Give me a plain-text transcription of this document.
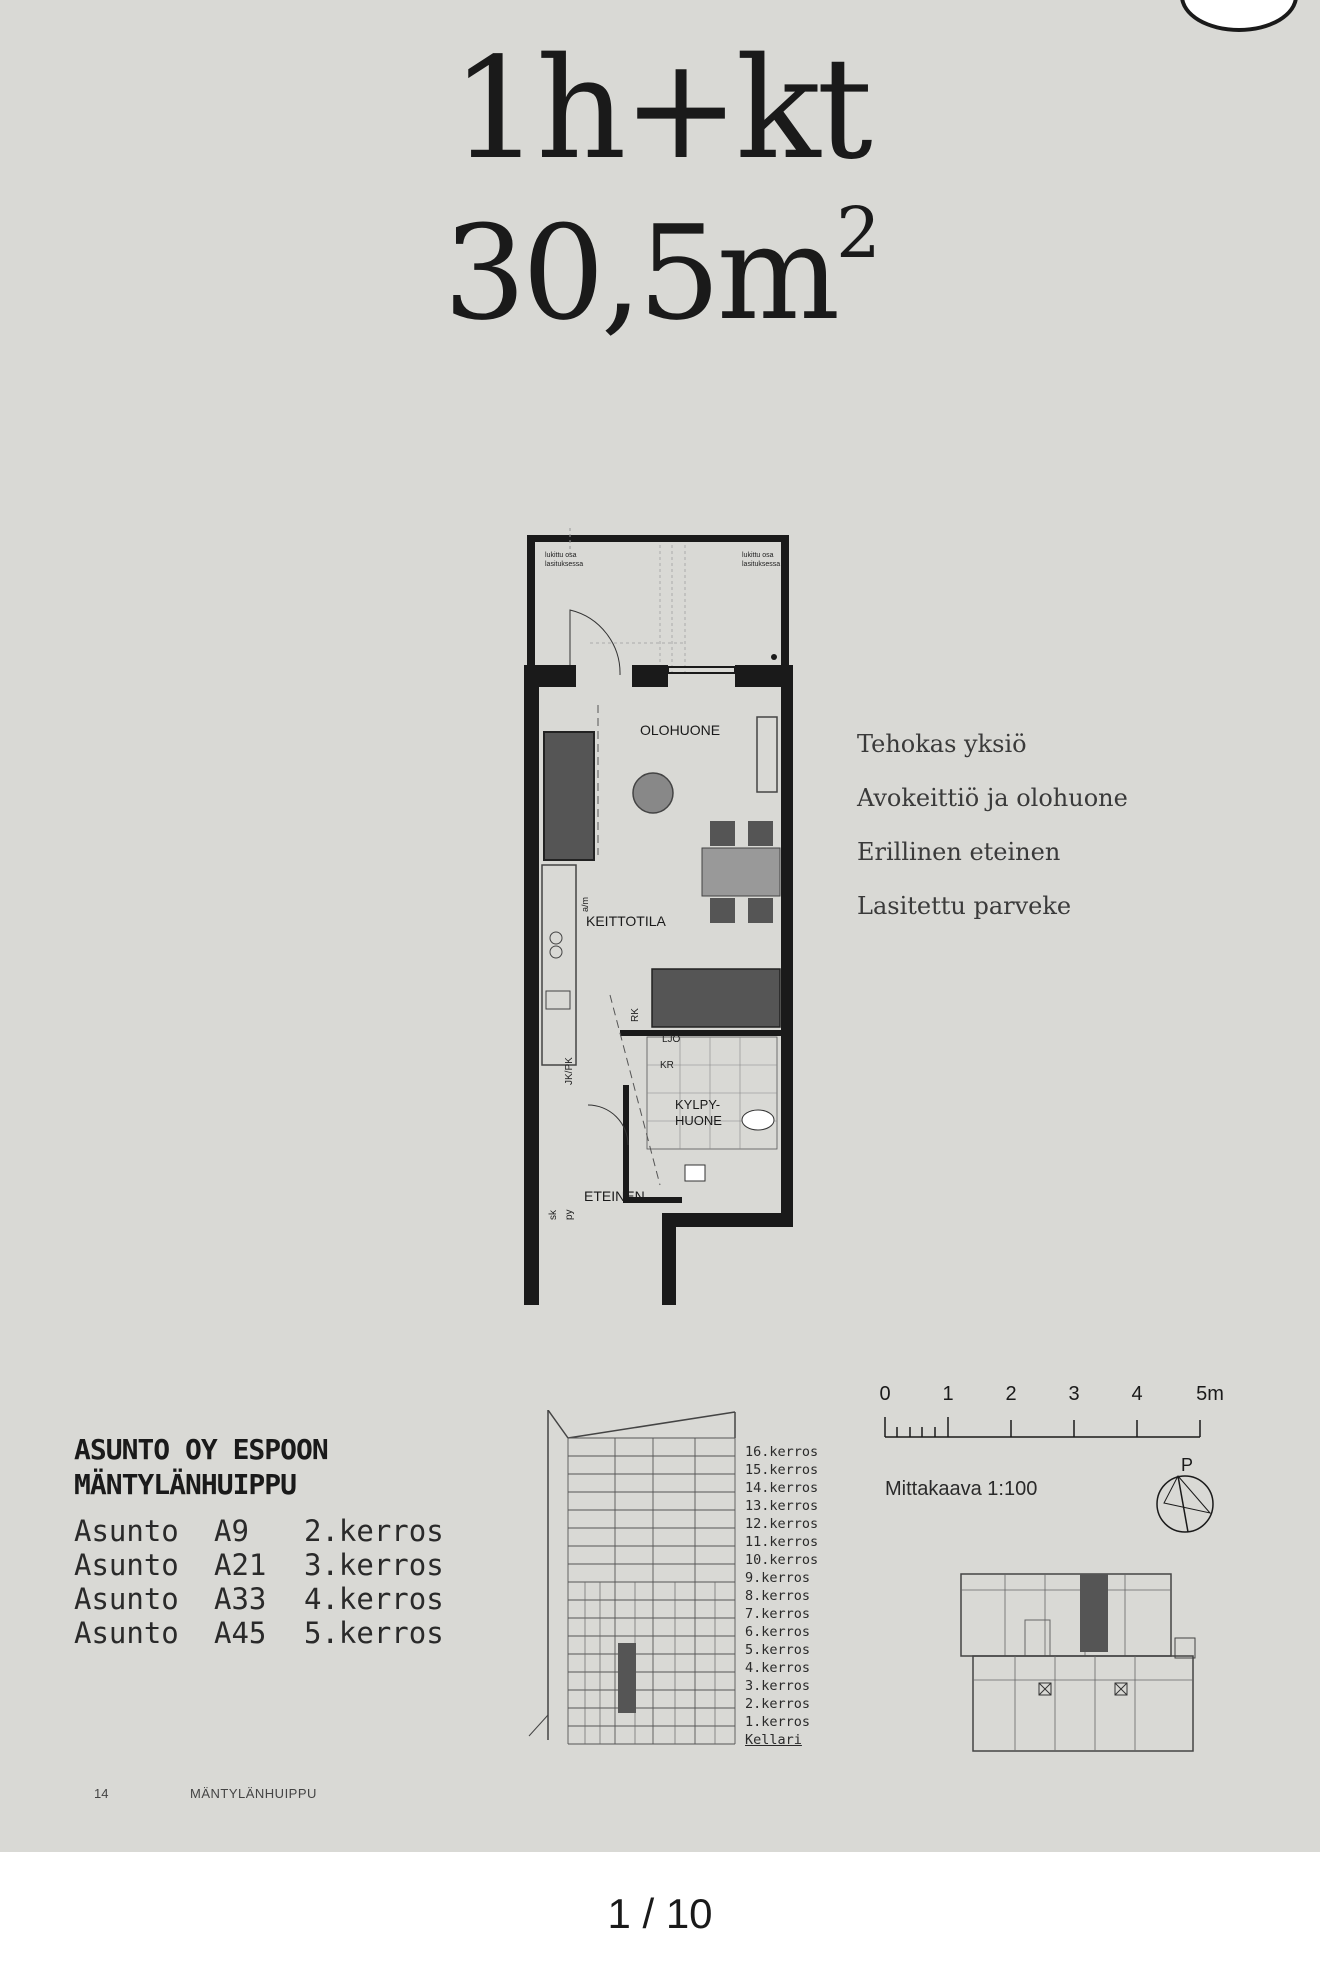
1h+kt
$30,5m^2$
lukittu osa
lasituksessa
lukittu osa
lasituksessa
OLOHUONE
KEITTOTILA
KYLPY-
HUONE
ETEINEN
RK
LJO
KR
sk py
JK/PK
a/m
Tehokas yksiö
Avokeittiö ja olohuone
Erillinen eteinen
Lasitettu parveke
ASUNTO OY ESPOON
MÄNTYLÄNHUIPPU
Asunto A9 2.kerros
Asunto A21 3.kerros
Asunto A33 4.kerros
Asunto A45 5.kerros
16.kerros
15.kerros
14.kerros
13.kerros
12.kerros
11.kerros
10.kerros
9.kerros
8.kerros
7.kerros
6.kerros
5.kerros
4.kerros
3.kerros
2.kerros
1.kerros
Kellari
0	1	2	3	4	5m
Mittakaava 1:100
P
14	MÄNTYLÄNHUIPPU
1 / 10
